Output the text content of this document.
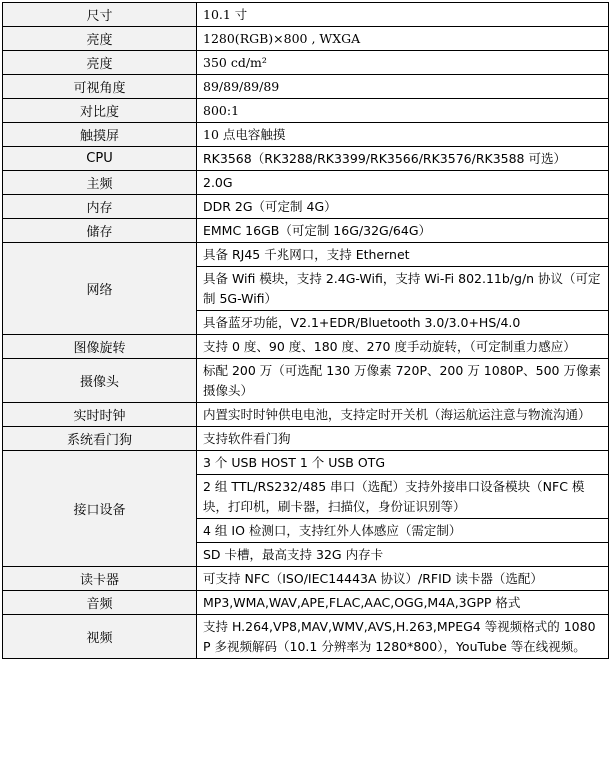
尺寸	10.1 寸

亮度	1280(RGB)×800 , WXGA

亮度	350 cd/m²

可视角度	89/89/89/89

对比度	800:1

触摸屏	10 点电容触摸

CPU	RK3568（RK3288/RK3399/RK3566/RK3576/RK3588 可选）

主频	2.0G

内存	DDR 2G（可定制 4G）

储存	EMMC 16GB（可定制 16G/32G/64G）

网络	具备 RJ45 千兆网口，支持 Ethernet
具备 Wifi 模块，支持 2.4G-Wifi，支持 Wi-Fi 802.11b/g/n 协议（可定制 5G-Wifi）
具备蓝牙功能，V2.1+EDR/Bluetooth 3.0/3.0+HS/4.0

图像旋转	支持 0 度、90 度、180 度、270 度手动旋转，（可定制重力感应）

摄像头	标配 200 万（可选配 130 万像素 720P、200 万 1080P、500 万像素摄像头）

实时时钟	内置实时时钟供电电池，支持定时开关机（海运航运注意与物流沟通）

系统看门狗	支持软件看门狗

接口设备	3 个 USB HOST 1 个 USB OTG
2 组 TTL/RS232/485 串口（选配）支持外接串口设备模块（NFC 模块，打印机，刷卡器，扫描仪，身份证识别等）
4 组 IO 检测口，支持红外人体感应（需定制）
SD 卡槽，最高支持 32G 内存卡

读卡器	可支持 NFC（ISO/IEC14443A 协议）/RFID 读卡器（选配）

音频	MP3,WMA,WAV,APE,FLAC,AAC,OGG,M4A,3GPP 格式

视频	支持 H.264,VP8,MAV,WMV,AVS,H.263,MPEG4 等视频格式的 1080P 多视频解码（10.1 分辨率为 1280*800），YouTube 等在线视频。
